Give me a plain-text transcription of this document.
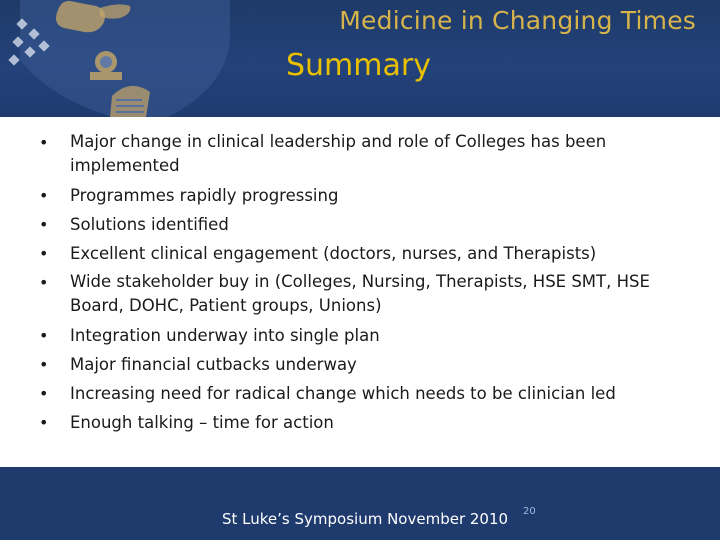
Medicine in Changing Times
Summary
• Major change in clinical leadership and role of Colleges has been implemented
• Programmes rapidly progressing
• Solutions identified
• Excellent clinical engagement (doctors, nurses, and Therapists)
• Wide stakeholder buy in (Colleges, Nursing, Therapists, HSE SMT, HSE Board, DOHC, Patient groups, Unions)
• Integration underway into single plan
• Major financial cutbacks underway
• Increasing need for radical change which needs to be clinician led
• Enough talking – time for action
St Luke’s Symposium November 2010 20
